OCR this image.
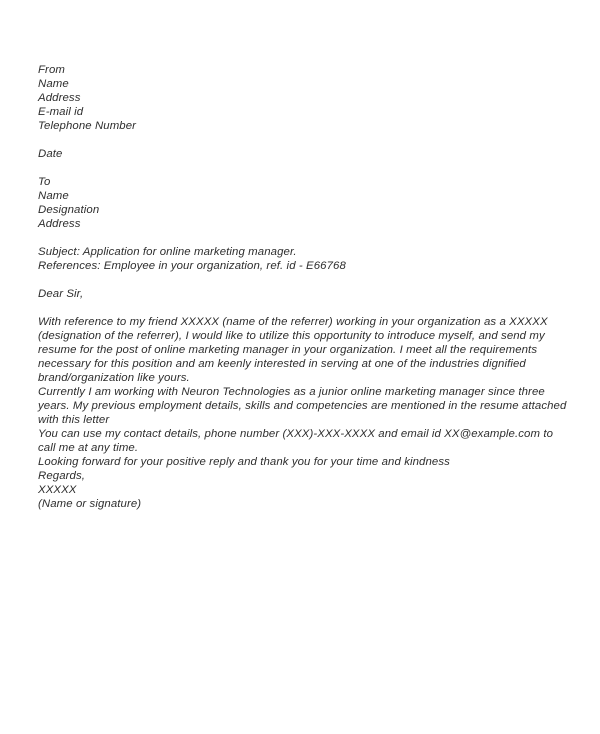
From
Name
Address
E-mail id
Telephone Number
Date
To
Name
Designation
Address
Subject: Application for online marketing manager.
References: Employee in your organization, ref. id - E66768
Dear Sir,

With reference to my friend XXXXX (name of the referrer) working in your organization as a XXXXX (designation of the referrer), I would like to utilize this opportunity to introduce myself, and send my resume for the post of online marketing manager in your organization. I meet all the requirements necessary for this position and am keenly interested in serving at one of the industries dignified brand/organization like yours.

Currently I am working with Neuron Technologies as a junior online marketing manager since three years. My previous employment details, skills and competencies are mentioned in the resume attached with this letter

You can use my contact details, phone number (XXX)-XXX-XXXX and email id XX@example.com to call me at any time.

Looking forward for your positive reply and thank you for your time and kindness

Regards,
XXXXX
(Name or signature)
